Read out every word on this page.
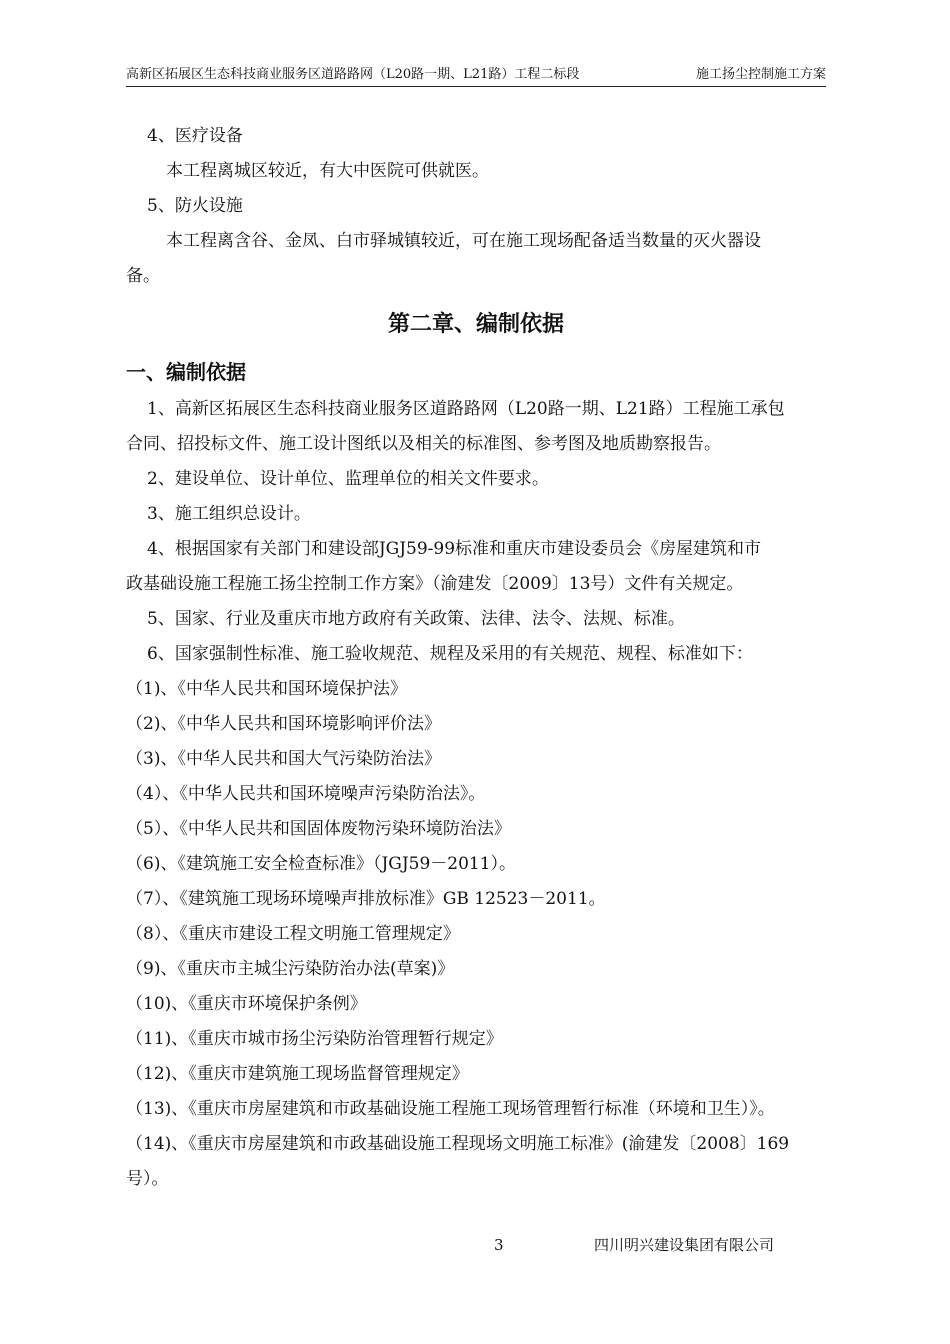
高新区拓展区生态科技商业服务区道路路网（L20路一期、L21路）工程二标段	施工扬尘控制施工方案
4、医疗设备
本工程离城区较近，有大中医院可供就医。
5、防火设施
本工程离含谷、金凤、白市驿城镇较近，可在施工现场配备适当数量的灭火器设
备。
第二章、编制依据
一、编制依据
1、高新区拓展区生态科技商业服务区道路路网（L20路一期、L21路）工程施工承包
合同、招投标文件、施工设计图纸以及相关的标准图、参考图及地质勘察报告。
2、建设单位、设计单位、监理单位的相关文件要求。
3、施工组织总设计。
4、根据国家有关部门和建设部JGJ59-99标准和重庆市建设委员会《房屋建筑和市
政基础设施工程施工扬尘控制工作方案》（渝建发〔2009〕13号）文件有关规定。
5、国家、行业及重庆市地方政府有关政策、法律、法令、法规、标准。
6、国家强制性标准、施工验收规范、规程及采用的有关规范、规程、标准如下：
（1)、《中华人民共和国环境保护法》
（2)、《中华人民共和国环境影响评价法》
（3)、《中华人民共和国大气污染防治法》
（4）、《中华人民共和国环境噪声污染防治法》。
（5）、《中华人民共和国固体废物污染环境防治法》
（6)、《建筑施工安全检查标准》（JGJ59－2011）。
（7）、《建筑施工现场环境噪声排放标准》GB 12523－2011。
（8）、《重庆市建设工程文明施工管理规定》
（9)、《重庆市主城尘污染防治办法(草案)》
（10)、《重庆市环境保护条例》
（11)、《重庆市城市扬尘污染防治管理暂行规定》
（12)、《重庆市建筑施工现场监督管理规定》
（13)、《重庆市房屋建筑和市政基础设施工程施工现场管理暂行标准（环境和卫生）》。
（14)、《重庆市房屋建筑和市政基础设施工程现场文明施工标准》(渝建发〔2008〕169
号）。
3	四川明兴建设集团有限公司
